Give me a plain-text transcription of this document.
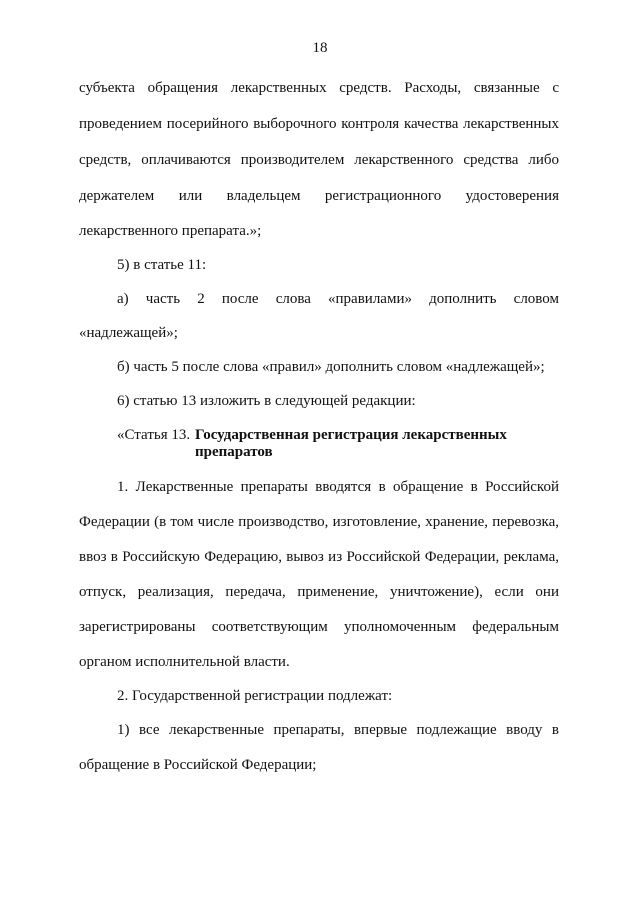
18
субъекта обращения лекарственных средств. Расходы, связанные с
проведением посерийного выборочного контроля качества лекарственных
средств, оплачиваются производителем лекарственного средства либо
держателем или владельцем регистрационного удостоверения
лекарственного препарата.»;
5) в статье 11:
а) часть 2 после слова «правилами» дополнить словом
«надлежащей»;
б) часть 5 после слова «правил» дополнить словом «надлежащей»;
6) статью 13 изложить в следующей редакции:
«Статья 13. Государственная регистрация лекарственных препаратов
1. Лекарственные препараты вводятся в обращение в Российской
Федерации (в том числе производство, изготовление, хранение, перевозка,
ввоз в Российскую Федерацию, вывоз из Российской Федерации, реклама,
отпуск, реализация, передача, применение, уничтожение), если они
зарегистрированы соответствующим уполномоченным федеральным
органом исполнительной власти.
2. Государственной регистрации подлежат:
1) все лекарственные препараты, впервые подлежащие вводу в
обращение в Российской Федерации;
